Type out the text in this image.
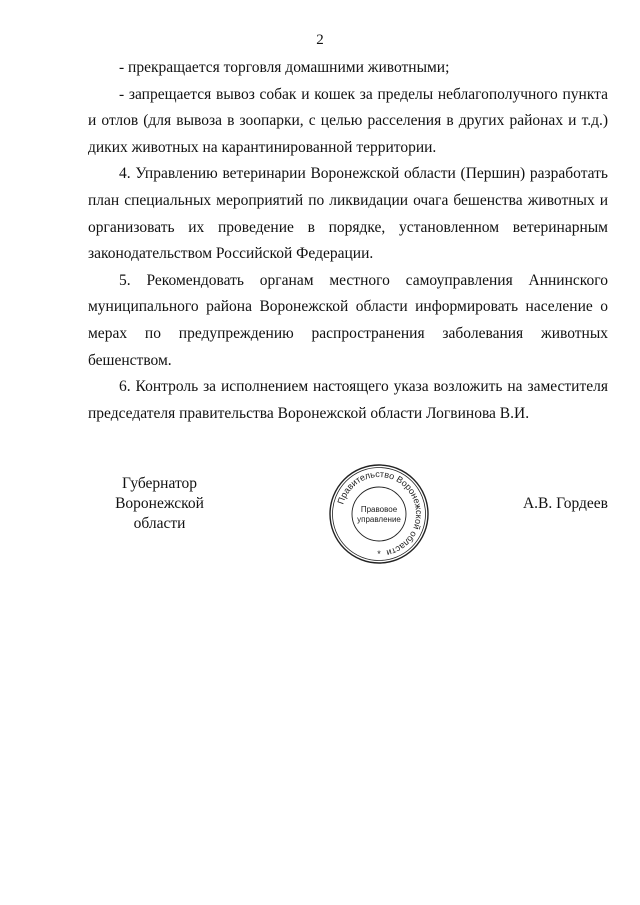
2

- прекращается торговля домашними животными;

- запрещается вывоз собак и кошек за пределы неблагополучного пункта и отлов (для вывоза в зоопарки, с целью расселения в других районах и т.д.) диких животных на карантинированной территории.

4. Управлению ветеринарии Воронежской области (Першин) разработать план специальных мероприятий по ликвидации очага бешенства животных и организовать их проведение в порядке, установленном ветеринарным законодательством Российской Федерации.

5. Рекомендовать органам местного самоуправления Аннинского муниципального района Воронежской области информировать население о мерах по предупреждению распространения заболевания животных бешенством.

6. Контроль за исполнением настоящего указа возложить на заместителя председателя правительства Воронежской области Логвинова В.И.

Губернатор
Воронежской области
А.В. Гордеев
Правительство Воронежской области
Правовое
управление
*
